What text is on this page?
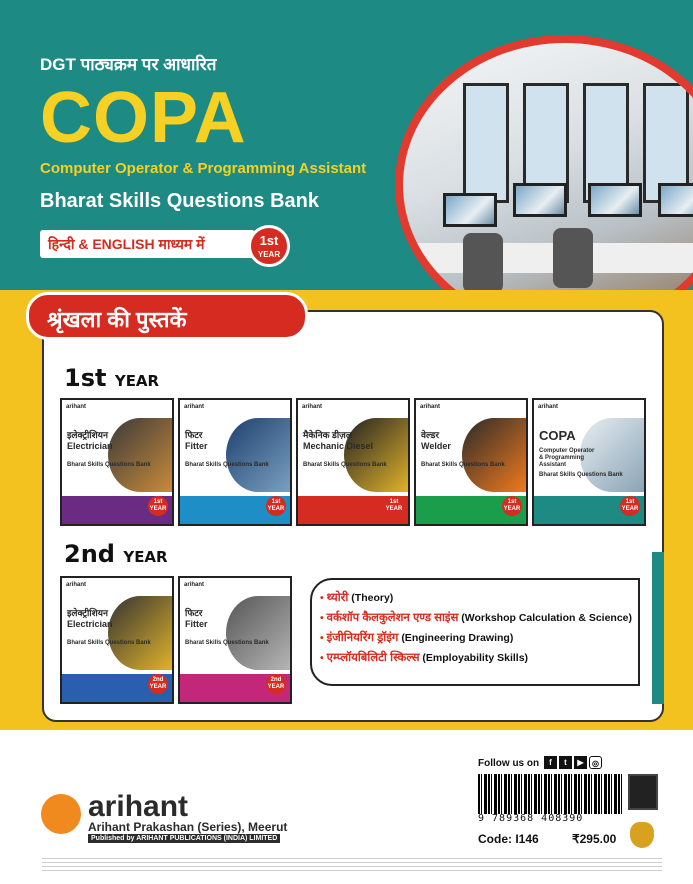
DGT पाठ्यक्रम पर आधारित
COPA
Computer Operator & Programming Assistant
Bharat Skills Questions Bank
हिन्दी & ENGLISH माध्यम में	1st
YEAR
श्रृंखला की पुस्तकें
1st YEAR
arihant
इलेक्ट्रीशियन
Electrician
Bharat Skills Questions Bank
1st
YEAR
arihant
फिटर
Fitter
Bharat Skills Questions Bank
1st
YEAR
arihant
मैकेनिक डीज़ल
Mechanic Diesel
Bharat Skills Questions Bank
1st
YEAR
arihant
वेल्डर
Welder
Bharat Skills Questions Bank
1st
YEAR
arihant
COPA
Computer Operator & Programming Assistant
Bharat Skills Questions Bank
1st
YEAR
2nd YEAR
arihant
इलेक्ट्रीशियन
Electrician
Bharat Skills Questions Bank
2nd
YEAR
arihant
फिटर
Fitter
Bharat Skills Questions Bank
2nd
YEAR
• थ्योरी (Theory)
• वर्कशॉप कैलकुलेशन एण्ड साइंस (Workshop Calculation & Science)
• इंजीनियरिंग ड्रॉइंग (Engineering Drawing)
• एम्प्लॉयबिलिटी स्किल्स (Employability Skills)
arihant
Arihant Prakashan (Series), Meerut
Published by ARIHANT PUBLICATIONS (INDIA) LIMITED
Follow us on	f	t	▶	◎
9 789368 408390
Code: I146	₹295.00
